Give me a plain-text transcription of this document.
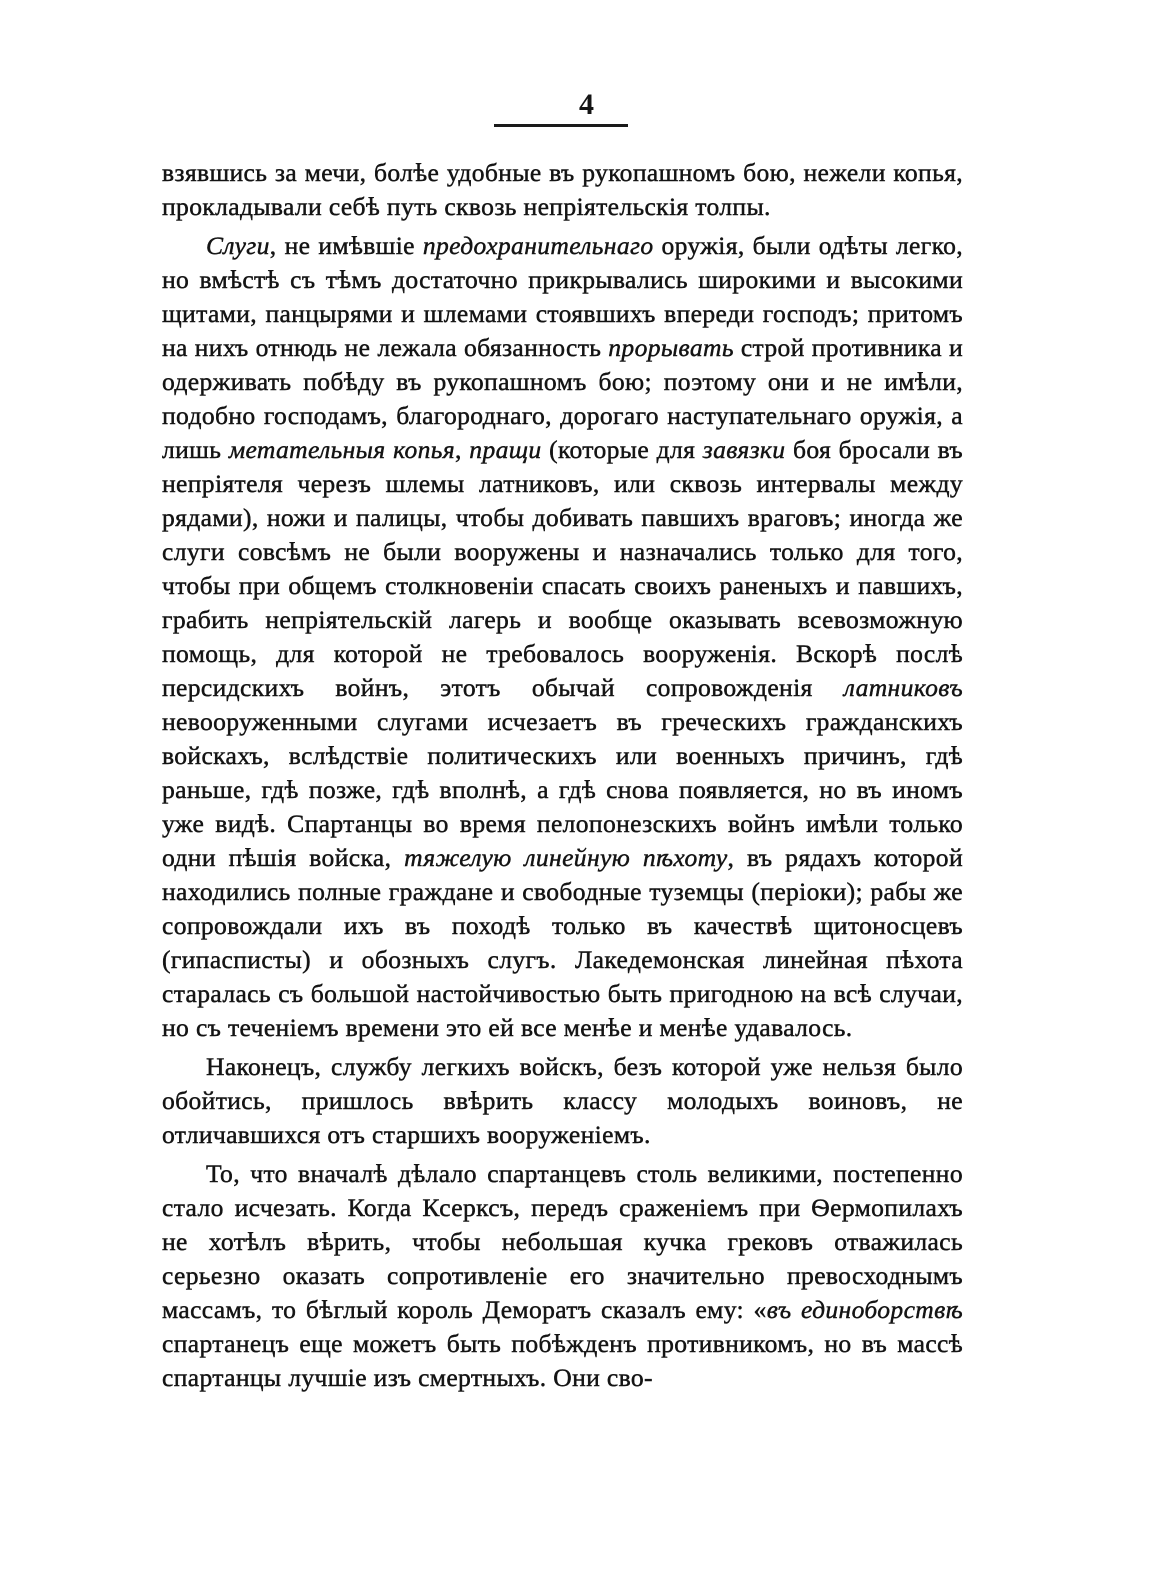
4

взявшись за мечи, болѣе удобные въ рукопашномъ бою, нежели копья, прокладывали себѣ путь сквозь непріятельскія толпы.

Слуги, не имѣвшіе предохранительнаго оружія, были одѣты легко, но вмѣстѣ съ тѣмъ достаточно прикрывались широкими и высокими щитами, панцырями и шлемами стоявшихъ впереди господъ; притомъ на нихъ отнюдь не лежала обязанность прорывать строй противника и одерживать побѣду въ рукопашномъ бою; поэтому они и не имѣли, подобно господамъ, благороднаго, дорогаго наступательнаго оружія, а лишь метательныя копья, пращи (которые для завязки боя бросали въ непріятеля черезъ шлемы латниковъ, или сквозь интервалы между рядами), ножи и палицы, чтобы добивать павшихъ враговъ; иногда же слуги совсѣмъ не были вооружены и назначались только для того, чтобы при общемъ столкновеніи спасать своихъ раненыхъ и павшихъ, грабить непріятельскій лагерь и вообще оказывать всевозможную помощь, для которой не требовалось вооруженія. Вскорѣ послѣ персидскихъ войнъ, этотъ обычай сопровожденія латниковъ невооруженными слугами исчезаетъ въ греческихъ гражданскихъ войскахъ, вслѣдствіе политическихъ или военныхъ причинъ, гдѣ раньше, гдѣ позже, гдѣ вполнѣ, а гдѣ снова появляется, но въ иномъ уже видѣ. Спартанцы во время пелопонезскихъ войнъ имѣли только одни пѣшія войска, тяжелую линейную пѣхоту, въ рядахъ которой находились полные граждане и свободные туземцы (періоки); рабы же сопровождали ихъ въ походѣ только въ качествѣ щитоносцевъ (гипасписты) и обозныхъ слугъ. Лакедемонская линейная пѣхота старалась съ большой настойчивостью быть пригодною на всѣ случаи, но съ теченіемъ времени это ей все менѣе и менѣе удавалось.

Наконецъ, службу легкихъ войскъ, безъ которой уже нельзя было обойтись, пришлось ввѣрить классу молодыхъ воиновъ, не отличавшихся отъ старшихъ вооруженіемъ.

То, что вначалѣ дѣлало спартанцевъ столь великими, постепенно стало исчезать. Когда Ксерксъ, передъ сраженіемъ при Ѳермопилахъ не хотѣлъ вѣрить, чтобы небольшая кучка грековъ отважилась серьезно оказать сопротивленіе его значительно превосходнымъ массамъ, то бѣглый король Деморатъ сказалъ ему: «въ единоборствѣ спартанецъ еще можетъ быть побѣжденъ противникомъ, но въ массѣ спартанцы лучшіе изъ смертныхъ. Они сво-
